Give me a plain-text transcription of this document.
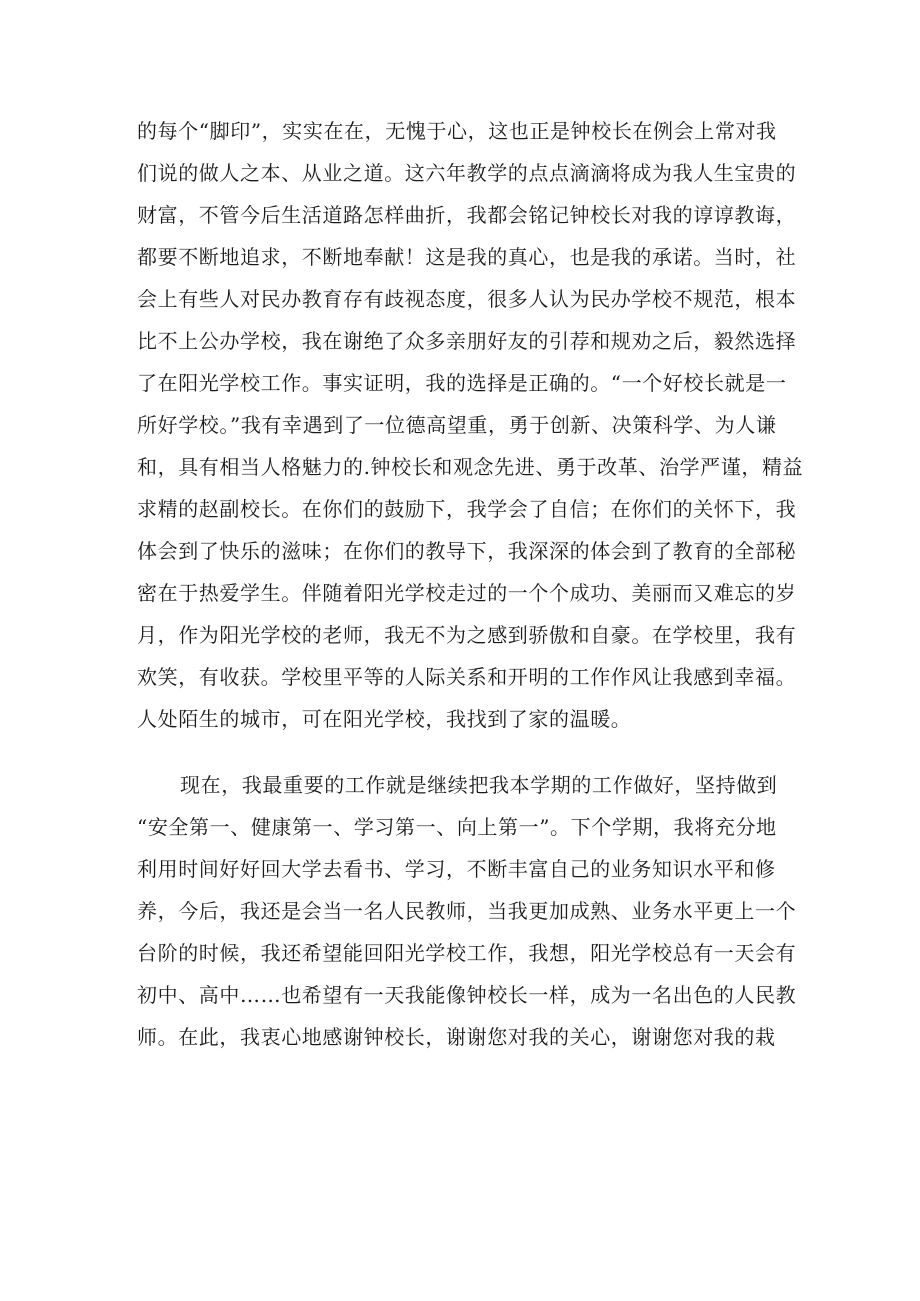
的每个“脚印”，实实在在，无愧于心，这也正是钟校长在例会上常对我
们说的做人之本、从业之道。这六年教学的点点滴滴将成为我人生宝贵的
财富，不管今后生活道路怎样曲折，我都会铭记钟校长对我的谆谆教诲，
都要不断地追求，不断地奉献！这是我的真心，也是我的承诺。当时，社
会上有些人对民办教育存有歧视态度，很多人认为民办学校不规范，根本
比不上公办学校，我在谢绝了众多亲朋好友的引荐和规劝之后，毅然选择
了在阳光学校工作。事实证明，我的选择是正确的。“一个好校长就是一
所好学校。”我有幸遇到了一位德高望重，勇于创新、决策科学、为人谦
和，具有相当人格魅力的.钟校长和观念先进、勇于改革、治学严谨，精益
求精的赵副校长。在你们的鼓励下，我学会了自信；在你们的关怀下，我
体会到了快乐的滋味；在你们的教导下，我深深的体会到了教育的全部秘
密在于热爱学生。伴随着阳光学校走过的一个个成功、美丽而又难忘的岁
月，作为阳光学校的老师，我无不为之感到骄傲和自豪。在学校里，我有
欢笑，有收获。学校里平等的人际关系和开明的工作作风让我感到幸福。
人处陌生的城市，可在阳光学校，我找到了家的温暖。
现在，我最重要的工作就是继续把我本学期的工作做好，坚持做到
“安全第一、健康第一、学习第一、向上第一”。下个学期，我将充分地
利用时间好好回大学去看书、学习，不断丰富自己的业务知识水平和修
养，今后，我还是会当一名人民教师，当我更加成熟、业务水平更上一个
台阶的时候，我还希望能回阳光学校工作，我想，阳光学校总有一天会有
初中、高中……也希望有一天我能像钟校长一样，成为一名出色的人民教
师。在此，我衷心地感谢钟校长，谢谢您对我的关心，谢谢您对我的栽
